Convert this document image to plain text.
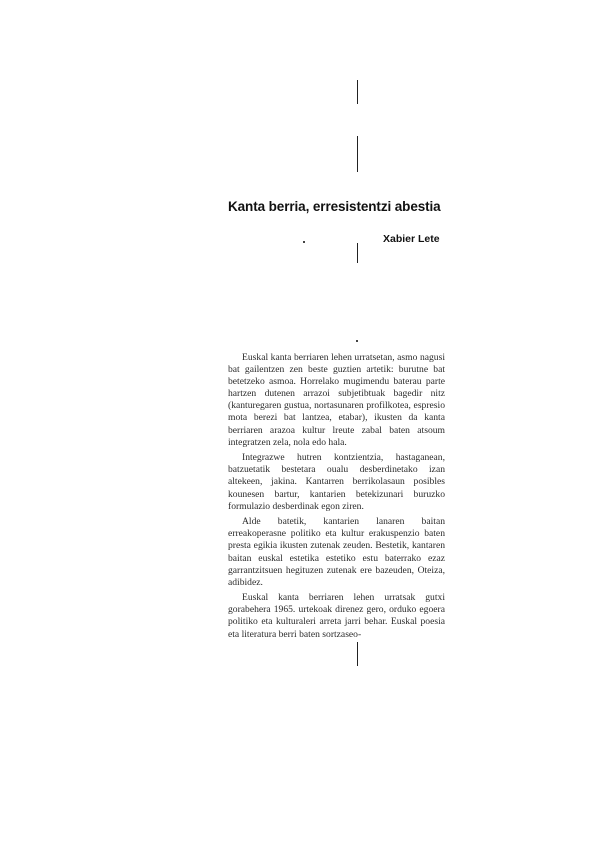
Kanta berria, erresistentzi abestia
Xabier Lete

Euskal kanta berriaren lehen urratsetan, asmo nagusi bat gailentzen zen beste guztien artetik: burutne bat betetzeko asmoa. Horrelako mugimendu baterau parte hartzen dutenen arrazoi subjetibtuak bagedir nitz (kanturegaren gustua, nortasunaren profilkotea, espresio mota berezi bat lantzea, etabar), ikusten da kanta berriaren arazoa kultur lreute zabal baten atsoum integratzen zela, nola edo hala.

Integrazwe hutren kontzientzia, hastaganean, batzuetatik bestetara oualu desberdinetako izan altekeen, jakina. Kantarren berrikolasaun posibles kounesen bartur, kantarien betekizunari buruzko formulazio desberdinak egon ziren.

Alde batetik, kantarien lanaren baitan erreakoperasne politiko eta kultur erakuspenzio baten presta egikia ikusten zutenak zeuden. Bestetik, kantaren baitan euskal estetika estetiko estu baterrako ezaz garrantzitsuen hegituzen zutenak ere bazeuden, Oteiza, adibidez.

Euskal kanta berriaren lehen urratsak gutxi gorabehera 1965. urtekoak direnez gero, orduko egoera politiko eta kulturaleri arreta jarri behar. Euskal poesia eta literatura berri baten sortzaseo-
